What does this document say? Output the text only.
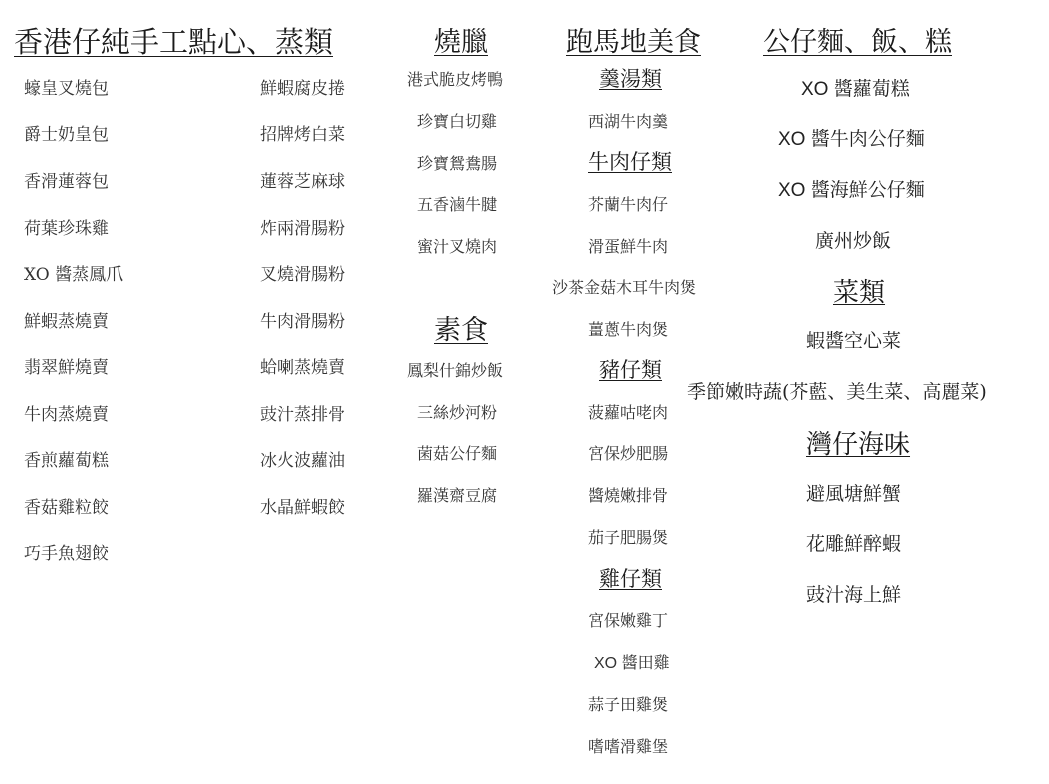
香港仔純手工點心、蒸類
蠔皇叉燒包
爵士奶皇包
香滑蓮蓉包
荷葉珍珠雞
XO 醬蒸鳳爪
鮮蝦蒸燒賣
翡翠鮮燒賣
牛肉蒸燒賣
香煎蘿蔔糕
香菇雞粒餃
巧手魚翅餃
鮮蝦腐皮捲
招牌烤白菜
蓮蓉芝麻球
炸兩滑腸粉
叉燒滑腸粉
牛肉滑腸粉
蛤喇蒸燒賣
豉汁蒸排骨
冰火波蘿油
水晶鮮蝦餃
燒臘
港式脆皮烤鴨
珍寶白切雞
珍寶鴛鴦腸
五香滷牛腱
蜜汁叉燒肉
素食
鳳梨什錦炒飯
三絲炒河粉
菌菇公仔麵
羅漢齋豆腐
跑馬地美食
羹湯類
西湖牛肉羹
牛肉仔類
芥蘭牛肉仔
滑蛋鮮牛肉
沙茶金菇木耳牛肉煲
薑蔥牛肉煲
豬仔類
菠蘿咕咾肉
宮保炒肥腸
醬燒嫩排骨
茄子肥腸煲
雞仔類
宮保嫩雞丁
XO 醬田雞
蒜子田雞煲
嗜嗜滑雞堡
公仔麵、飯、糕
XO 醬蘿蔔糕
XO 醬牛肉公仔麵
XO 醬海鮮公仔麵
廣州炒飯
菜類
蝦醬空心菜
季節嫩時蔬(芥藍、美生菜、高麗菜)
灣仔海味
避風塘鮮蟹
花雕鮮醉蝦
豉汁海上鮮
